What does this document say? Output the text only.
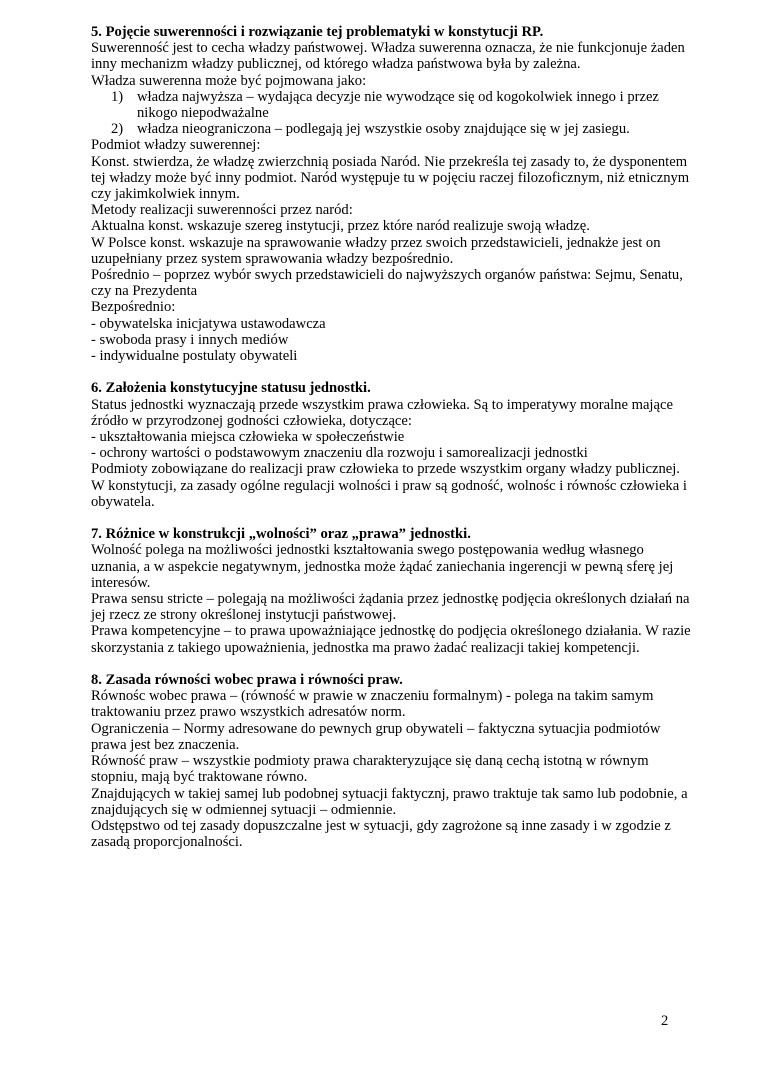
5. Pojęcie suwerenności i rozwiązanie tej problematyki w konstytucji RP.
Suwerenność jest to cecha władzy państwowej. Władza suwerenna oznacza, że nie funkcjonuje żaden
inny mechanizm władzy publicznej, od którego władza państwowa była by zależna.
Władza suwerenna może być pojmowana jako:
1) władza najwyższa – wydająca decyzje nie wywodzące się od kogokolwiek innego i przez
nikogo niepodważalne
2) władza nieograniczona – podlegają jej wszystkie osoby znajdujące się w jej zasiegu.
Podmiot władzy suwerennej:
Konst. stwierdza, że władzę zwierzchnią posiada Naród. Nie przekreśla tej zasady to, że dysponentem
tej władzy może być inny podmiot. Naród występuje tu w pojęciu raczej filozoficznym, niż etnicznym
czy jakimkolwiek innym.
Metody realizacji suwerenności przez naród:
Aktualna konst. wskazuje szereg instytucji, przez które naród realizuje swoją władzę.
W Polsce konst. wskazuje na sprawowanie władzy przez swoich przedstawicieli, jednakże jest on
uzupełniany przez system sprawowania władzy bezpośrednio.
Pośrednio – poprzez wybór swych przedstawicieli do najwyższych organów państwa: Sejmu, Senatu,
czy na Prezydenta
Bezpośrednio:
- obywatelska inicjatywa ustawodawcza
- swoboda prasy i innych mediów
- indywidualne postulaty obywateli
6. Założenia konstytucyjne statusu jednostki.
Status jednostki wyznaczają przede wszystkim prawa człowieka. Są to imperatywy moralne mające
źródło w przyrodzonej godności człowieka, dotyczące:
- ukształtowania miejsca człowieka w społeczeństwie
- ochrony wartości o podstawowym znaczeniu dla rozwoju i samorealizacji jednostki
Podmioty zobowiązane do realizacji praw człowieka to przede wszystkim organy władzy publicznej.
W konstytucji, za zasady ogólne regulacji wolności i praw są godność, wolnośc i równośc człowieka i
obywatela.
7. Różnice w konstrukcji „wolności” oraz „prawa” jednostki.
Wolność polega na możliwości jednostki kształtowania swego postępowania według własnego
uznania, a w aspekcie negatywnym, jednostka może żądać zaniechania ingerencji w pewną sferę jej
interesów.
Prawa sensu stricte – polegają na możliwości żądania przez jednostkę podjęcia określonych działań na
jej rzecz ze strony określonej instytucji państwowej.
Prawa kompetencyjne – to prawa upoważniające jednostkę do podjęcia określonego działania. W razie
skorzystania z takiego upoważnienia, jednostka ma prawo żadać realizacji takiej kompetencji.
8. Zasada równości wobec prawa i równości praw.
Równośc wobec prawa – (równość w prawie w znaczeniu formalnym) - polega na takim samym
traktowaniu przez prawo wszystkich adresatów norm.
Ograniczenia – Normy adresowane do pewnych grup obywateli – faktyczna sytuacjia podmiotów
prawa jest bez znaczenia.
Równość praw – wszystkie podmioty prawa charakteryzujące się daną cechą istotną w równym
stopniu, mają być traktowane równo.
Znajdujących w takiej samej lub podobnej sytuacji faktycznj, prawo traktuje tak samo lub podobnie, a
znajdujących się w odmiennej sytuacji – odmiennie.
Odstępstwo od tej zasady dopuszczalne jest w sytuacji, gdy zagrożone są inne zasady i w zgodzie z
zasadą proporcjonalności.
2
